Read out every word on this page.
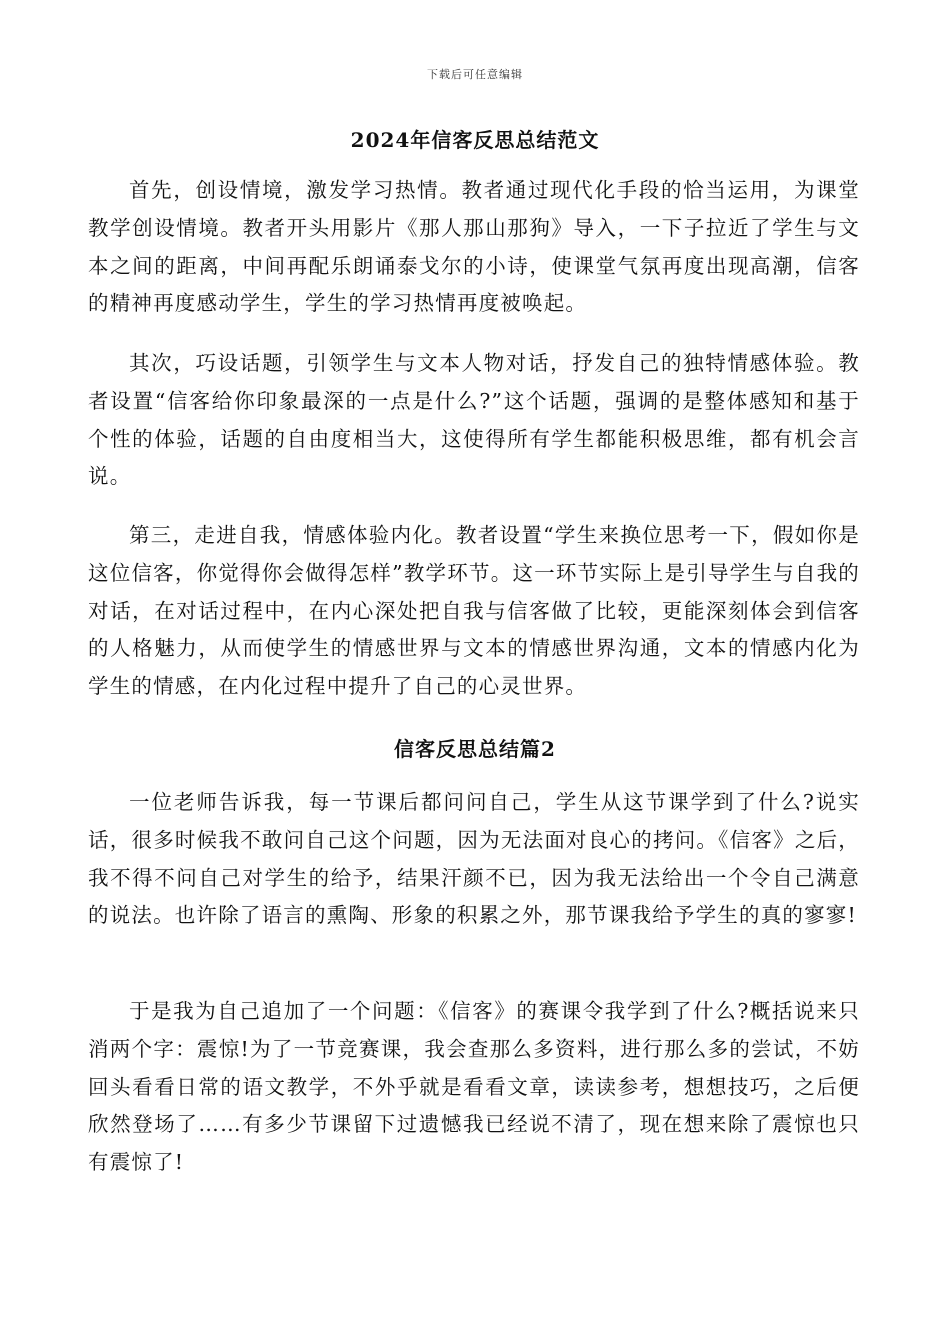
下载后可任意编辑
2024年信客反思总结范文

首先，创设情境，激发学习热情。教者通过现代化手段的恰当运用，为课堂教学创设情境。教者开头用影片《那人那山那狗》导入，一下子拉近了学生与文本之间的距离，中间再配乐朗诵泰戈尔的小诗，使课堂气氛再度出现高潮，信客的精神再度感动学生，学生的学习热情再度被唤起。

其次，巧设话题，引领学生与文本人物对话，抒发自己的独特情感体验。教者设置“信客给你印象最深的一点是什么?”这个话题，强调的是整体感知和基于个性的体验，话题的自由度相当大，这使得所有学生都能积极思维，都有机会言说。

第三，走进自我，情感体验内化。教者设置“学生来换位思考一下，假如你是这位信客，你觉得你会做得怎样”教学环节。这一环节实际上是引导学生与自我的对话，在对话过程中，在内心深处把自我与信客做了比较，更能深刻体会到信客的人格魅力，从而使学生的情感世界与文本的情感世界沟通，文本的情感内化为学生的情感，在内化过程中提升了自己的心灵世界。

信客反思总结篇2

一位老师告诉我，每一节课后都问问自己，学生从这节课学到了什么?说实话，很多时候我不敢问自己这个问题，因为无法面对良心的拷问。《信客》之后，我不得不问自己对学生的给予，结果汗颜不已，因为我无法给出一个令自己满意的说法。也许除了语言的熏陶、形象的积累之外，那节课我给予学生的真的寥寥!

于是我为自己追加了一个问题：《信客》的赛课令我学到了什么?概括说来只消两个字：震惊!为了一节竞赛课，我会查那么多资料，进行那么多的尝试，不妨回头看看日常的语文教学，不外乎就是看看文章，读读参考，想想技巧，之后便欣然登场了……有多少节课留下过遗憾我已经说不清了，现在想来除了震惊也只有震惊了!
